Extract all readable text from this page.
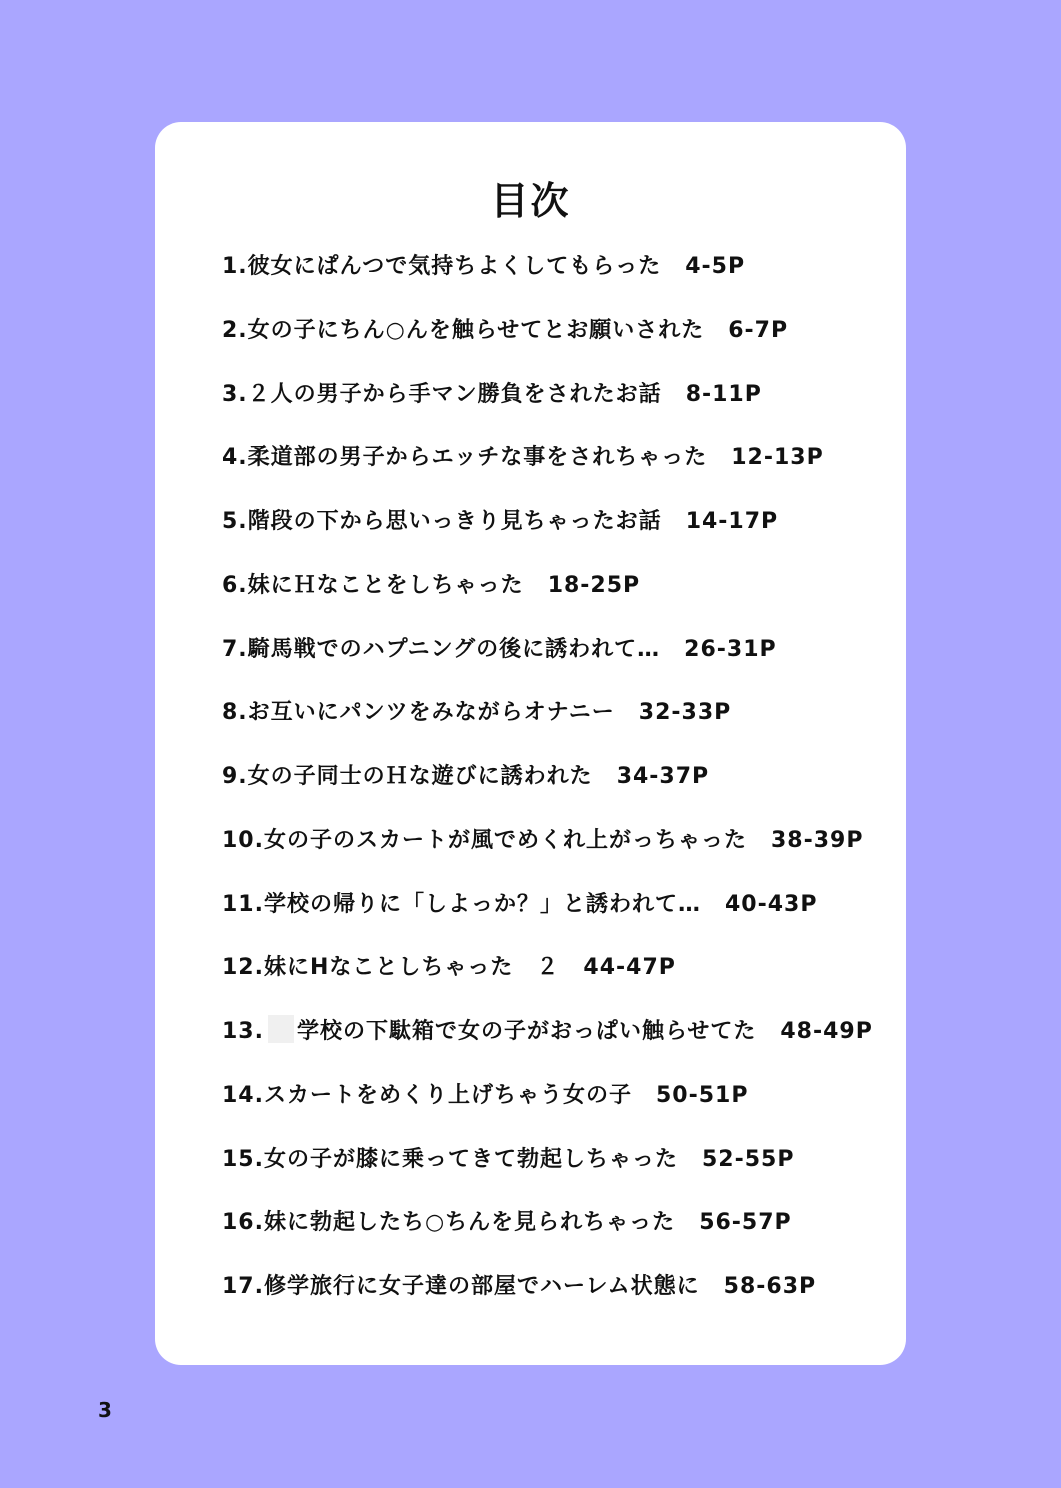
目次
1.彼女にぱんつで気持ちよくしてもらった 4-5P
2.女の子にちん○んを触らせてとお願いされた 6-7P
3.２人の男子から手マン勝負をされたお話 8-11P
4.柔道部の男子からエッチな事をされちゃった 12-13P
5.階段の下から思いっきり見ちゃったお話 14-17P
6.妹にＨなことをしちゃった 18-25P
7.騎馬戦でのハプニングの後に誘われて… 26-31P
8.お互いにパンツをみながらオナニー 32-33P
9.女の子同士のＨな遊びに誘われた 34-37P
10.女の子のスカートが風でめくれ上がっちゃった 38-39P
11.学校の帰りに「しよっか？」と誘われて… 40-43P
12.妹にHなことしちゃった　２ 44-47P
13. 学校の下駄箱で女の子がおっぱい触らせてた 48-49P
14.スカートをめくり上げちゃう女の子 50-51P
15.女の子が膝に乗ってきて勃起しちゃった 52-55P
16.妹に勃起したち○ちんを見られちゃった 56-57P
17.修学旅行に女子達の部屋でハーレム状態に 58-63P
3
